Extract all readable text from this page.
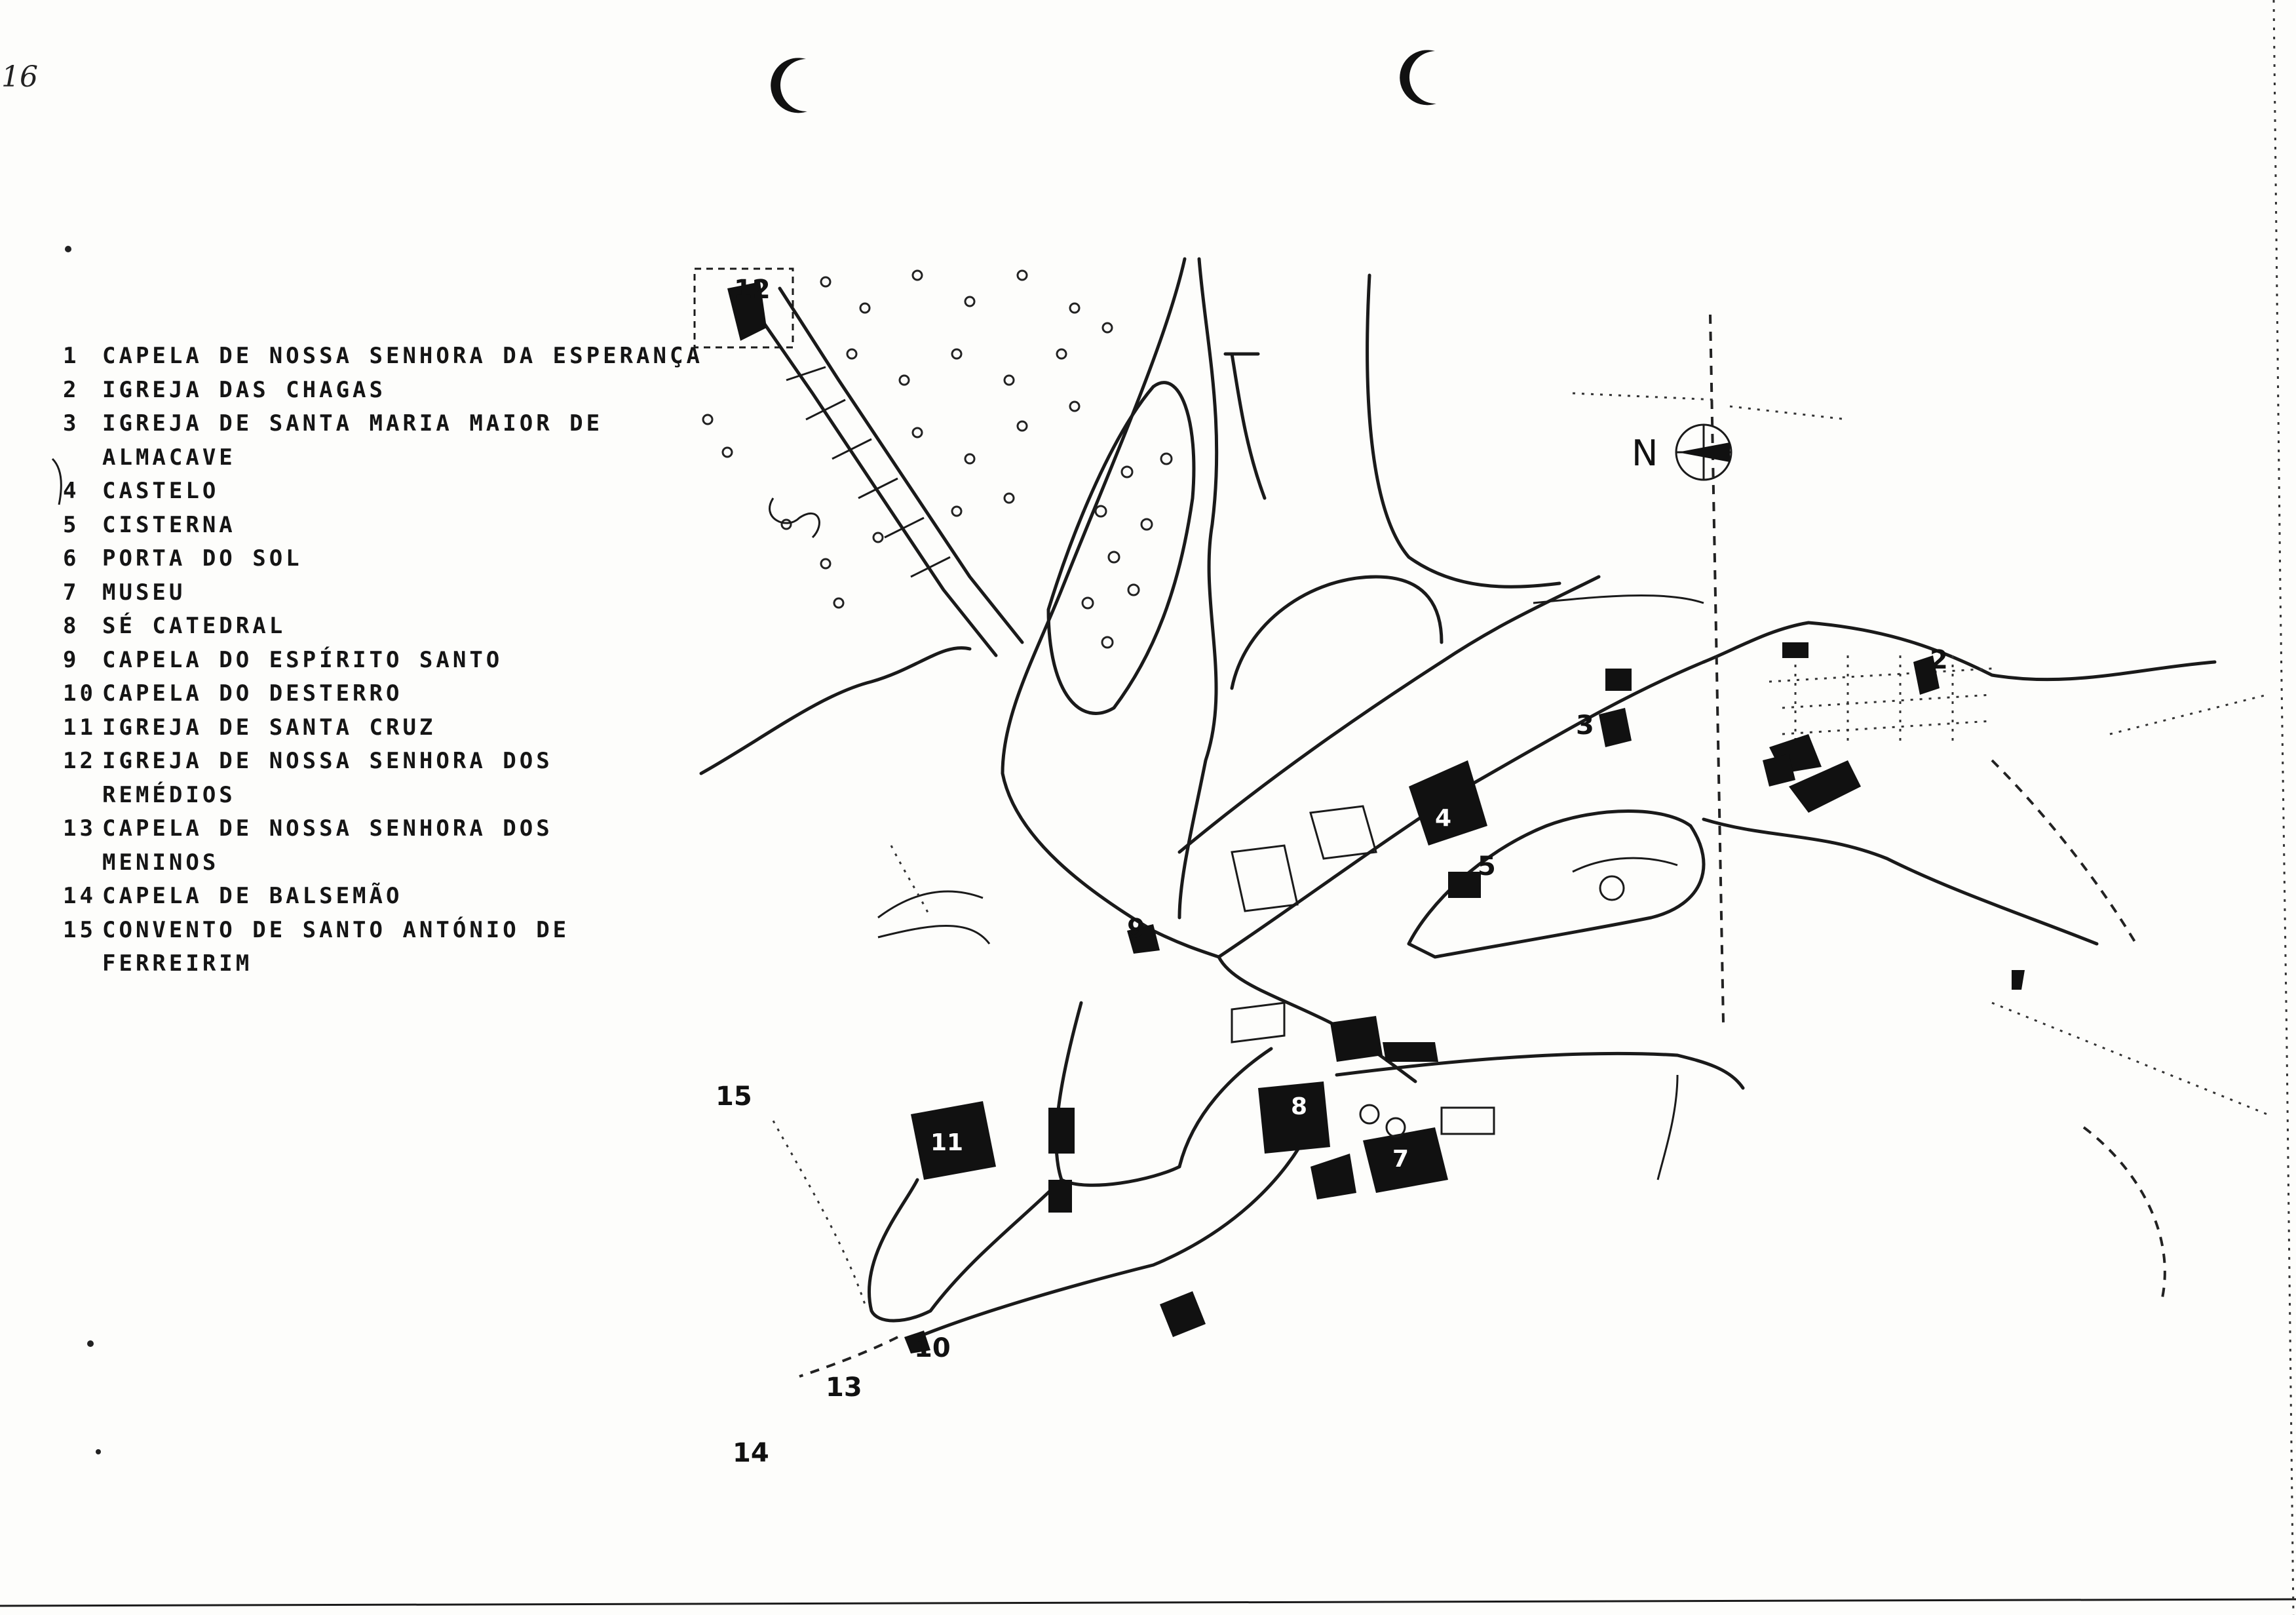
16
1 CAPELA DE NOSSA SENHORA DA ESPERANÇA
2 IGREJA DAS CHAGAS
3 IGREJA DE SANTA MARIA MAIOR DE
ALMACAVE
4 CASTELO
5 CISTERNA
6 PORTA DO SOL
7 MUSEU
8 SÉ CATEDRAL
9 CAPELA DO ESPÍRITO SANTO
10 CAPELA DO DESTERRO
11 IGREJA DE SANTA CRUZ
12 IGREJA DE NOSSA SENHORA DOS
REMÉDIOS
13 CAPELA DE NOSSA SENHORA DOS
MENINOS
14 CAPELA DE BALSEMÃO
15 CONVENTO DE SANTO ANTÓNIO DE
FERREIRIM
N
12
11
9
4
5
3
8
7
2
10
13
14
15
